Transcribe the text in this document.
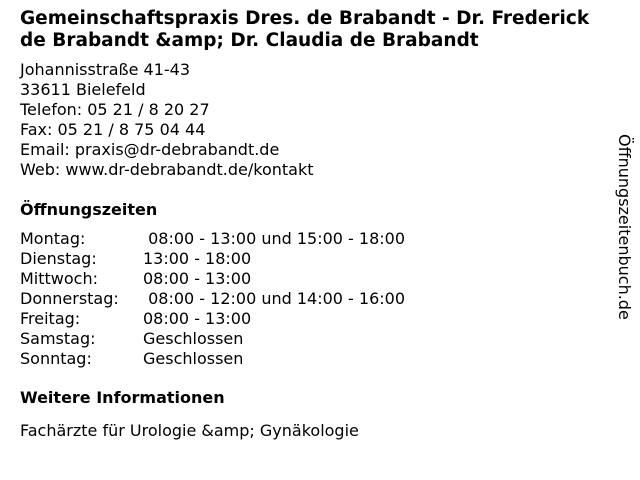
Gemeinschaftspraxis Dres. de Brabandt - Dr. Frederick de Brabandt &amp; Dr. Claudia de Brabandt
Johannisstraße 41-43
33611 Bielefeld
Telefon: 05 21 / 8 20 27
Fax: 05 21 / 8 75 04 44
Email: praxis@dr-debrabandt.de
Web: www.dr-debrabandt.de/kontakt
Öffnungszeiten
Montag:	08:00 - 13:00 und 15:00 - 18:00
Dienstag:	13:00 - 18:00
Mittwoch:	08:00 - 13:00
Donnerstag:	08:00 - 12:00 und 14:00 - 16:00
Freitag:	08:00 - 13:00
Samstag:	Geschlossen
Sonntag:	Geschlossen
Weitere Informationen
Fachärzte für Urologie &amp; Gynäkologie
Öffnungszeitenbuch.de
